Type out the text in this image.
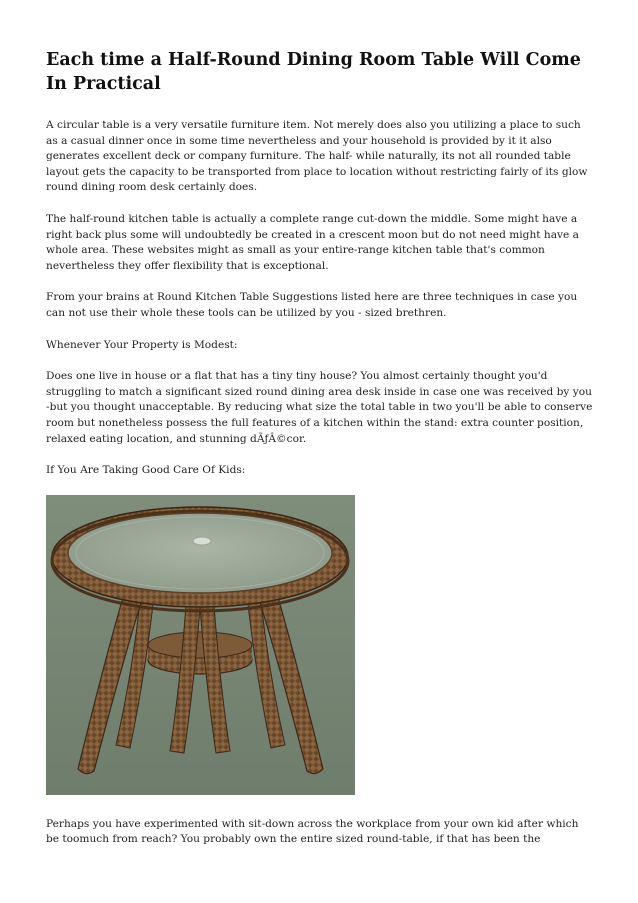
Each time a Half-Round Dining Room Table Will Come In Practical

A circular table is a very versatile furniture item. Not merely does also you utilizing a place to such as a casual dinner once in some time nevertheless and your household is provided by it it also generates excellent deck or company furniture. The half- while naturally, its not all rounded table layout gets the capacity to be transported from place to location without restricting fairly of its glow round dining room desk certainly does.

The half-round kitchen table is actually a complete range cut-down the middle. Some might have a right back plus some will undoubtedly be created in a crescent moon but do not need might have a whole area. These websites might as small as your entire-range kitchen table that's common nevertheless they offer flexibility that is exceptional.

From your brains at Round Kitchen Table Suggestions listed here are three techniques in case you can not use their whole these tools can be utilized by you - sized brethren.

Whenever Your Property is Modest:

Does one live in house or a flat that has a tiny tiny house? You almost certainly thought you'd struggling to match a significant sized round dining area desk inside in case one was received by you -but you thought unacceptable. By reducing what size the total table in two you'll be able to conserve room but nonetheless possess the full features of a kitchen within the stand: extra counter position, relaxed eating location, and stunning dÃƒÂ©cor.

If You Are Taking Good Care Of Kids:

Perhaps you have experimented with sit-down across the workplace from your own kid after which be toomuch from reach? You probably own the entire sized round-table, if that has been the
